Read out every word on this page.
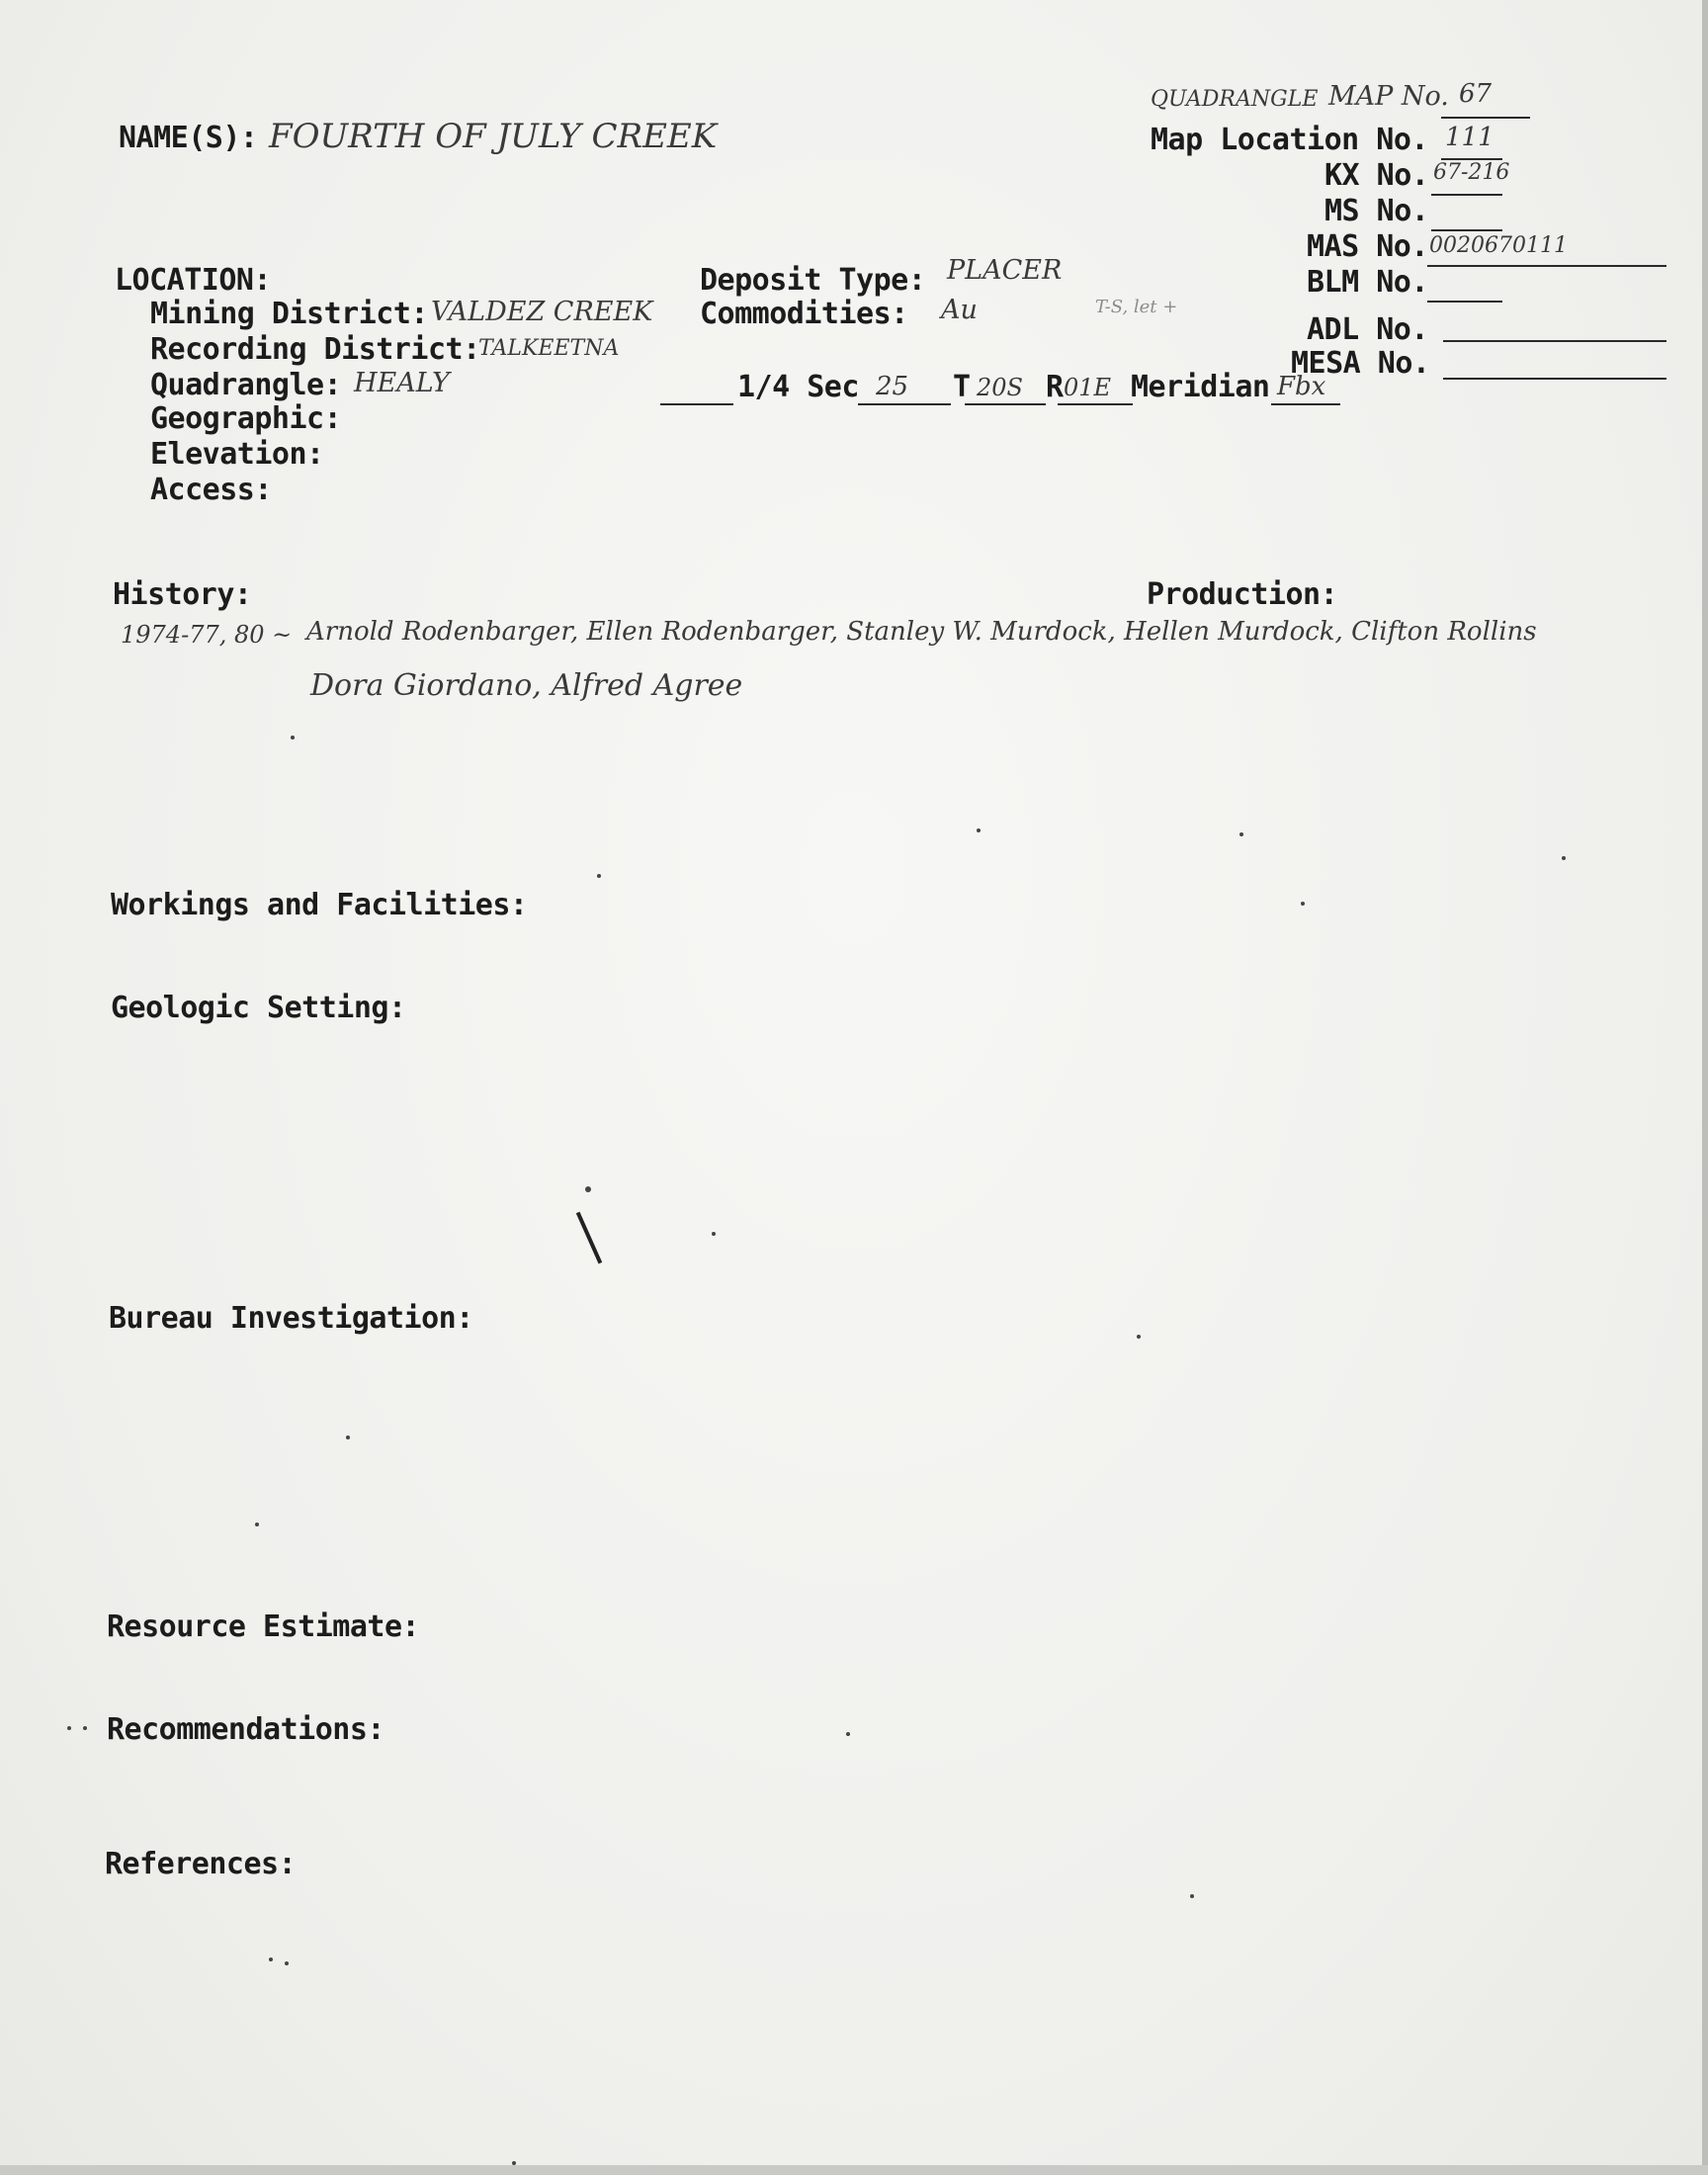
NAME(S): FOURTH OF JULY CREEK
QUADRANGLE MAP No. 67
Map Location No. 111
KX No. 67-216
MS No.
MAS No. 0020670111
BLM No.
T-S, let +
ADL No.
MESA No.
LOCATION:
Mining District: VALDEZ CREEK
Recording District:
TALKEETNA
Quadrangle: HEALY
Geographic:
Elevation:
Access:
Deposit Type: PLACER
Commodities: Au
1/4 Sec 25 T 20S R 01E Meridian Fbx
History:	Production:
1974-77, 80 ~ Arnold Rodenbarger, Ellen Rodenbarger, Stanley W. Murdock, Hellen Murdock, Clifton Rollins
Dora Giordano, Alfred Agree
Workings and Facilities:
Geologic Setting:
Bureau Investigation:
Resource Estimate:
Recommendations:
References:
